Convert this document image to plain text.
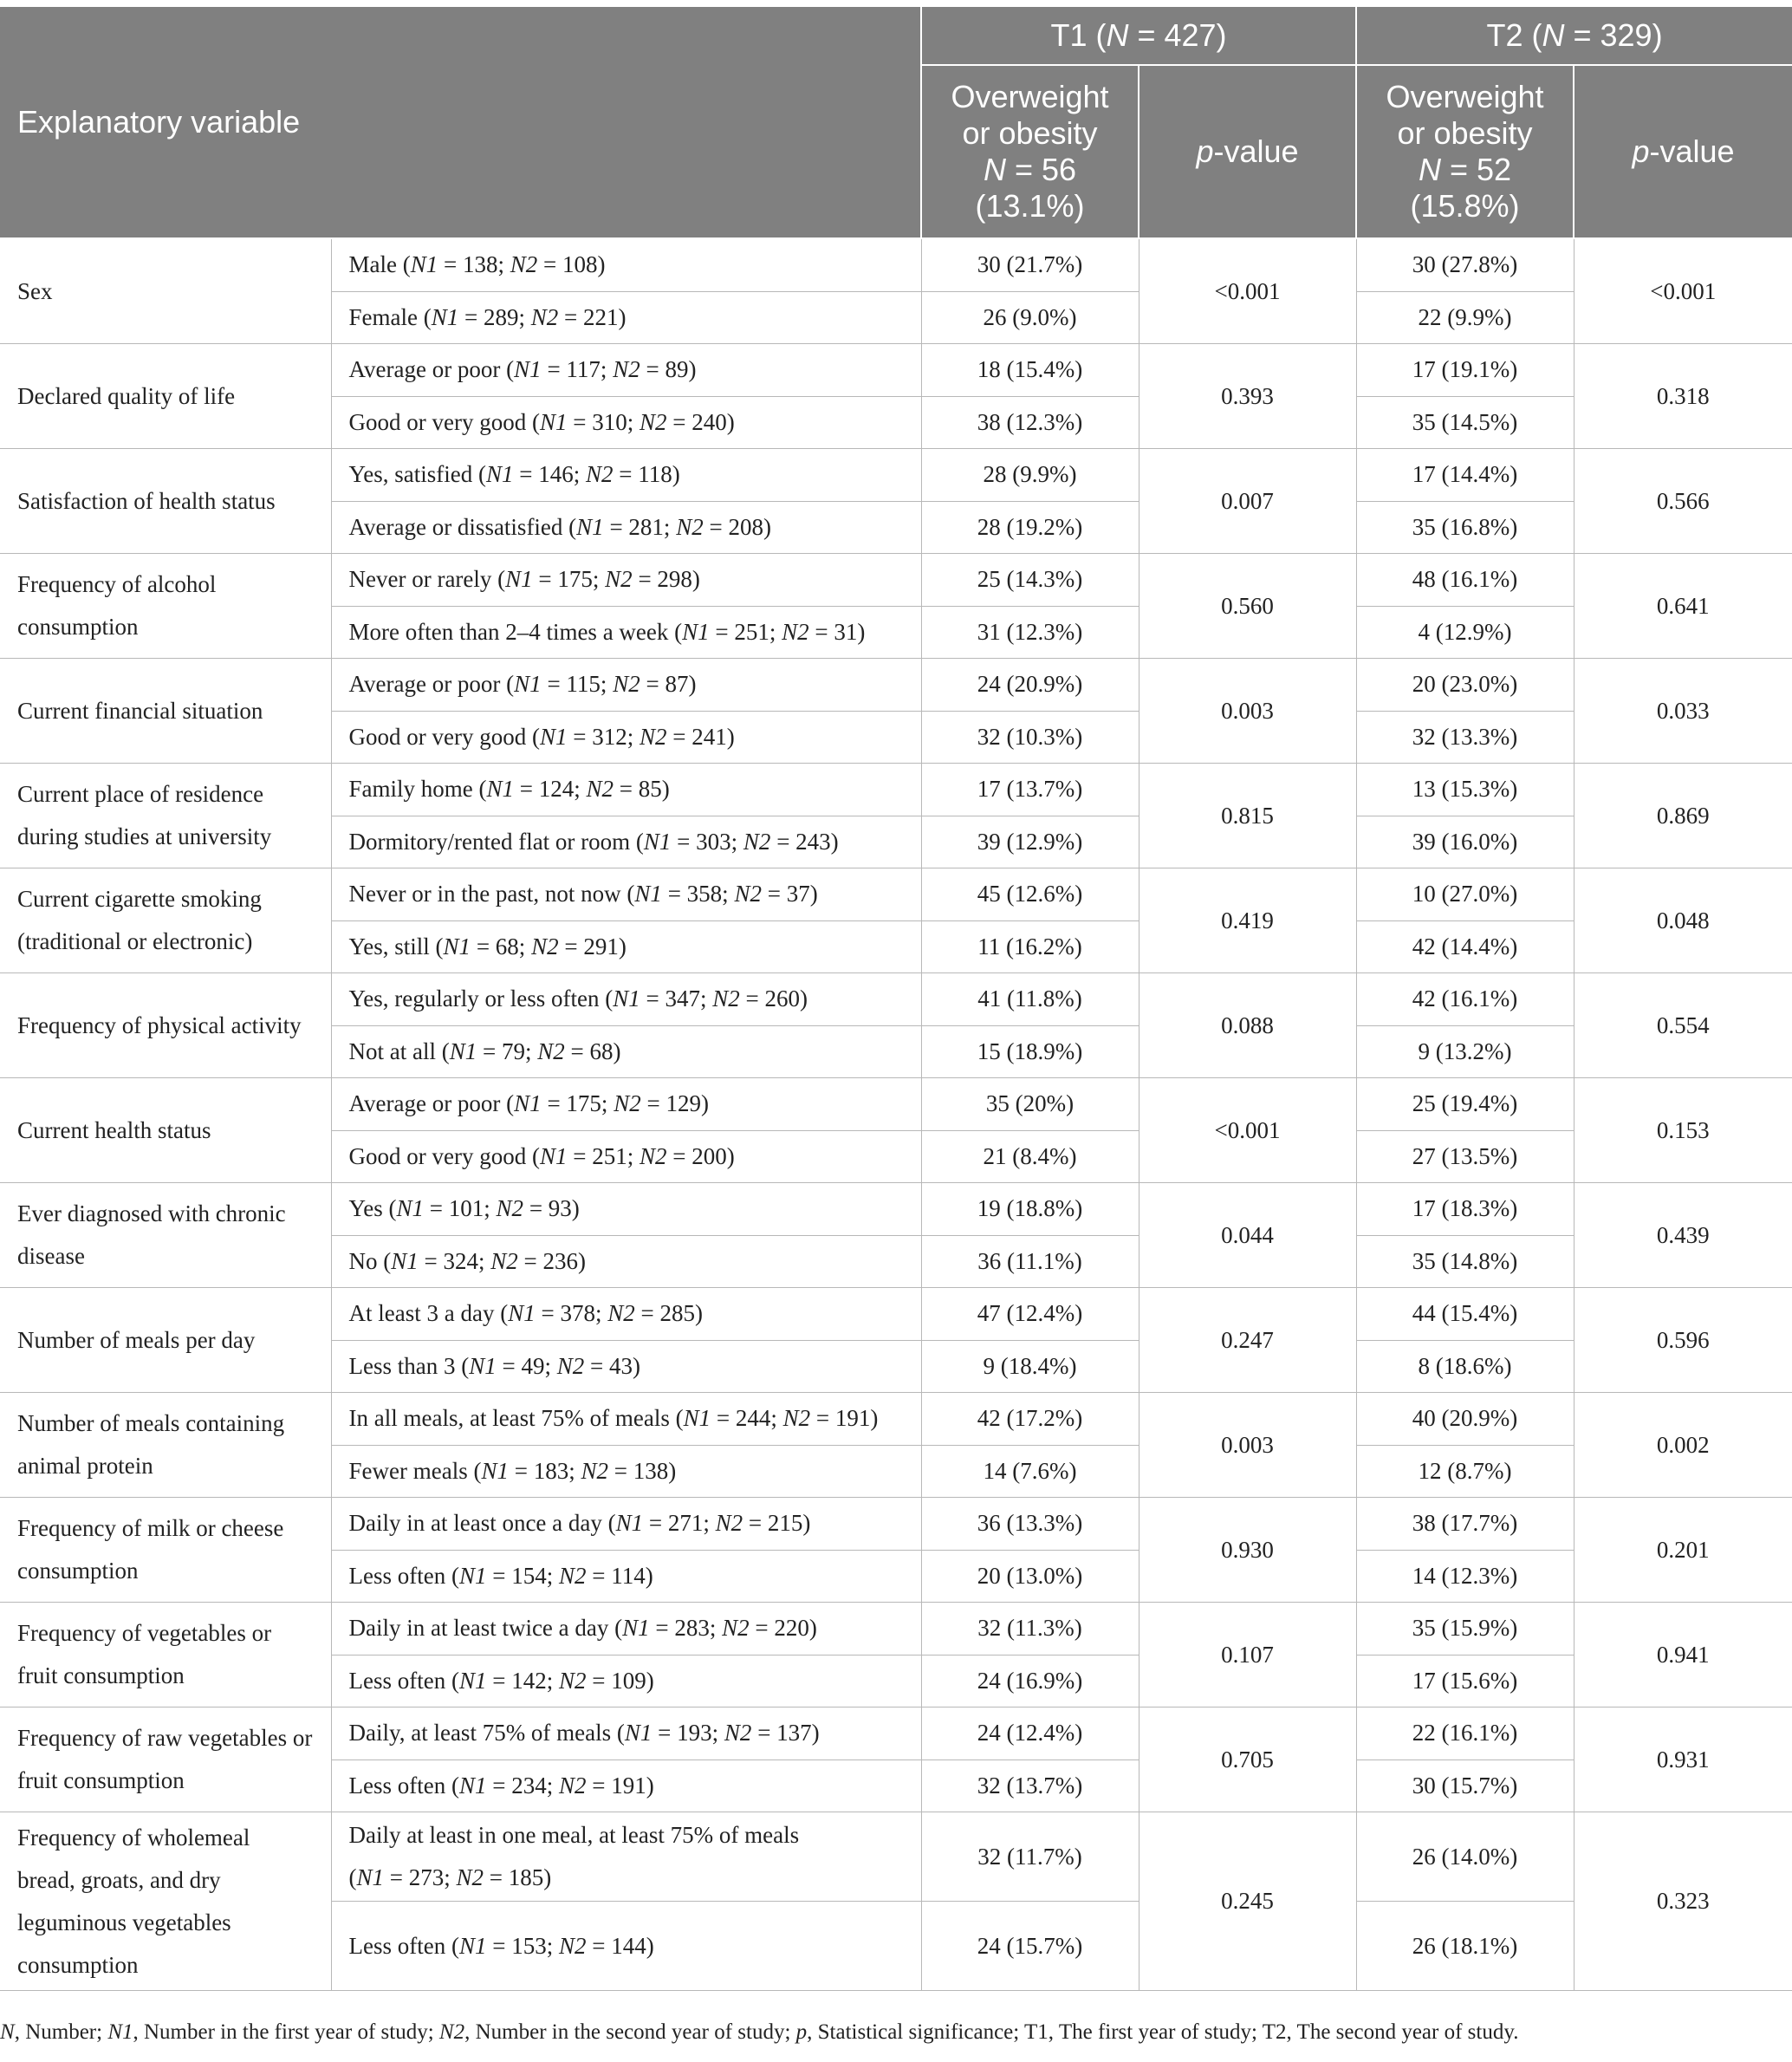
Explanatory variable		T1 (N = 427)		T2 (N = 329)	
		Overweight
or obesity
N = 56
(13.1%)	p-value	Overweight
or obesity
N = 52
(15.8%)	p-value
Sex	Male (N1 = 138; N2 = 108)	30 (21.7%)	<0.001	30 (27.8%)	<0.001
	Female (N1 = 289; N2 = 221)	26 (9.0%)		22 (9.9%)	
Declared quality of life	Average or poor (N1 = 117; N2 = 89)	18 (15.4%)	0.393	17 (19.1%)	0.318
	Good or very good (N1 = 310; N2 = 240)	38 (12.3%)		35 (14.5%)	
Satisfaction of health status	Yes, satisfied (N1 = 146; N2 = 118)	28 (9.9%)	0.007	17 (14.4%)	0.566
	Average or dissatisfied (N1 = 281; N2 = 208)	28 (19.2%)		35 (16.8%)	
Frequency of alcohol consumption	Never or rarely (N1 = 175; N2 = 298)	25 (14.3%)	0.560	48 (16.1%)	0.641
	More often than 2–4 times a week (N1 = 251; N2 = 31)	31 (12.3%)		4 (12.9%)	
Current financial situation	Average or poor (N1 = 115; N2 = 87)	24 (20.9%)	0.003	20 (23.0%)	0.033
	Good or very good (N1 = 312; N2 = 241)	32 (10.3%)		32 (13.3%)	
Current place of residence during studies at university	Family home (N1 = 124; N2 = 85)	17 (13.7%)	0.815	13 (15.3%)	0.869
	Dormitory/rented flat or room (N1 = 303; N2 = 243)	39 (12.9%)		39 (16.0%)	
Current cigarette smoking (traditional or electronic)	Never or in the past, not now (N1 = 358; N2 = 37)	45 (12.6%)	0.419	10 (27.0%)	0.048
	Yes, still (N1 = 68; N2 = 291)	11 (16.2%)		42 (14.4%)	
Frequency of physical activity	Yes, regularly or less often (N1 = 347; N2 = 260)	41 (11.8%)	0.088	42 (16.1%)	0.554
	Not at all (N1 = 79; N2 = 68)	15 (18.9%)		9 (13.2%)	
Current health status	Average or poor (N1 = 175; N2 = 129)	35 (20%)	<0.001	25 (19.4%)	0.153
	Good or very good (N1 = 251; N2 = 200)	21 (8.4%)		27 (13.5%)	
Ever diagnosed with chronic disease	Yes (N1 = 101; N2 = 93)	19 (18.8%)	0.044	17 (18.3%)	0.439
	No (N1 = 324; N2 = 236)	36 (11.1%)		35 (14.8%)	
Number of meals per day	At least 3 a day (N1 = 378; N2 = 285)	47 (12.4%)	0.247	44 (15.4%)	0.596
	Less than 3 (N1 = 49; N2 = 43)	9 (18.4%)		8 (18.6%)	
Number of meals containing animal protein	In all meals, at least 75% of meals (N1 = 244; N2 = 191)	42 (17.2%)	0.003	40 (20.9%)	0.002
	Fewer meals (N1 = 183; N2 = 138)	14 (7.6%)		12 (8.7%)	
Frequency of milk or cheese consumption	Daily in at least once a day (N1 = 271; N2 = 215)	36 (13.3%)	0.930	38 (17.7%)	0.201
	Less often (N1 = 154; N2 = 114)	20 (13.0%)		14 (12.3%)	
Frequency of vegetables or fruit consumption	Daily in at least twice a day (N1 = 283; N2 = 220)	32 (11.3%)	0.107	35 (15.9%)	0.941
	Less often (N1 = 142; N2 = 109)	24 (16.9%)		17 (15.6%)	
Frequency of raw vegetables or fruit consumption	Daily, at least 75% of meals (N1 = 193; N2 = 137)	24 (12.4%)	0.705	22 (16.1%)	0.931
	Less often (N1 = 234; N2 = 191)	32 (13.7%)		30 (15.7%)	
Frequency of wholemeal bread, groats, and dry leguminous vegetables consumption	Daily at least in one meal, at least 75% of meals
(N1 = 273; N2 = 185)	32 (11.7%)	0.245	26 (14.0%)	0.323
	Less often (N1 = 153; N2 = 144)	24 (15.7%)		26 (18.1%)	
N, Number; N1, Number in the first year of study; N2, Number in the second year of study; p, Statistical significance; T1, The first year of study; T2, The second year of study.
